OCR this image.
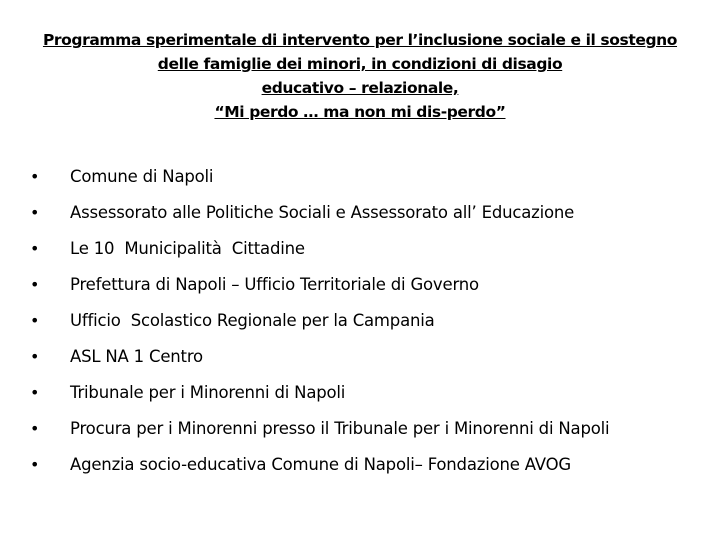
Programma sperimentale di intervento per l’inclusione sociale e il sostegno
delle famiglie dei minori, in condizioni di disagio
educativo – relazionale,
“Mi perdo … ma non mi dis-perdo”
•	Comune di Napoli
•	Assessorato alle Politiche Sociali e Assessorato all’ Educazione
•	Le 10  Municipalità  Cittadine
•	Prefettura di Napoli – Ufficio Territoriale di Governo
•	Ufficio  Scolastico Regionale per la Campania
•	ASL NA 1 Centro
•	Tribunale per i Minorenni di Napoli
•	Procura per i Minorenni presso il Tribunale per i Minorenni di Napoli
•	Agenzia socio-educativa Comune di Napoli– Fondazione AVOG
